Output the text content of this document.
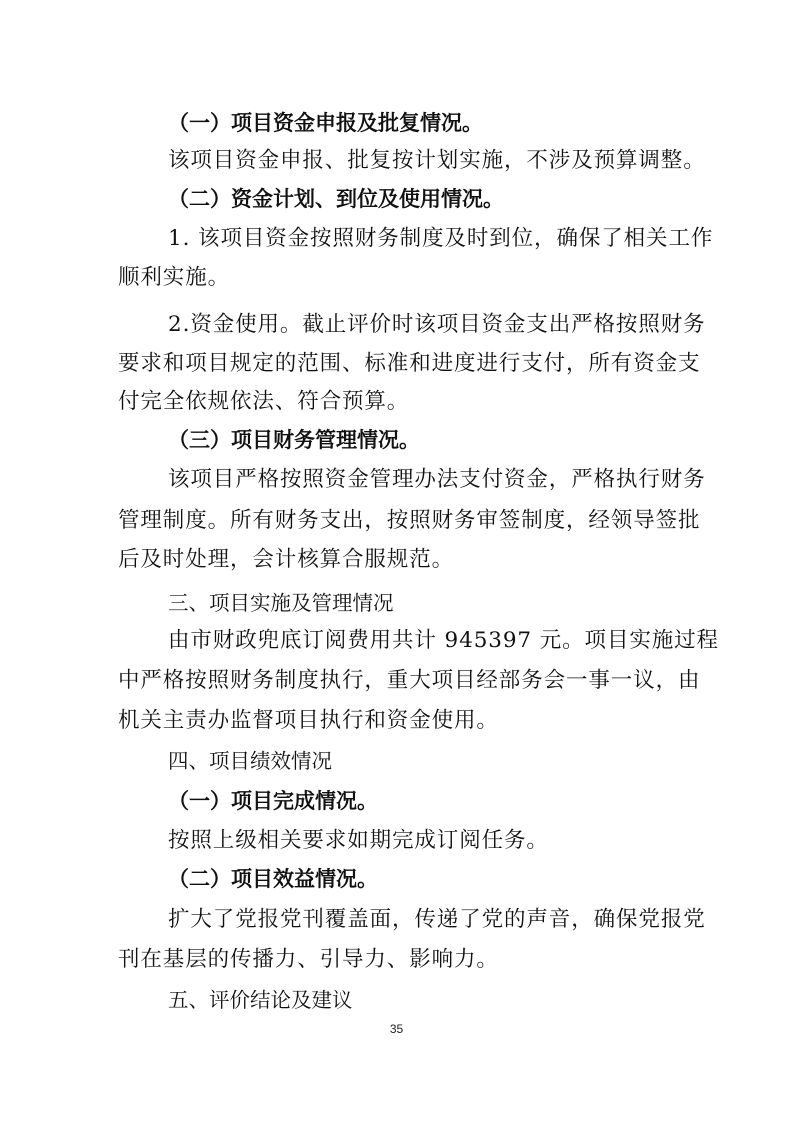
（一）项目资金申报及批复情况。
该项目资金申报、批复按计划实施，不涉及预算调整。
（二）资金计划、到位及使用情况。
1. 该项目资金按照财务制度及时到位，确保了相关工作
顺利实施。
2.资金使用。截止评价时该项目资金支出严格按照财务
要求和项目规定的范围、标准和进度进行支付，所有资金支
付完全依规依法、符合预算。
（三）项目财务管理情况。
该项目严格按照资金管理办法支付资金，严格执行财务
管理制度。所有财务支出，按照财务审签制度，经领导签批
后及时处理，会计核算合服规范。
三、项目实施及管理情况
由市财政兜底订阅费用共计 945397 元。项目实施过程
中严格按照财务制度执行，重大项目经部务会一事一议，由
机关主责办监督项目执行和资金使用。
四、项目绩效情况
（一）项目完成情况。
按照上级相关要求如期完成订阅任务。
（二）项目效益情况。
扩大了党报党刊覆盖面，传递了党的声音，确保党报党
刊在基层的传播力、引导力、影响力。
五、评价结论及建议
35
